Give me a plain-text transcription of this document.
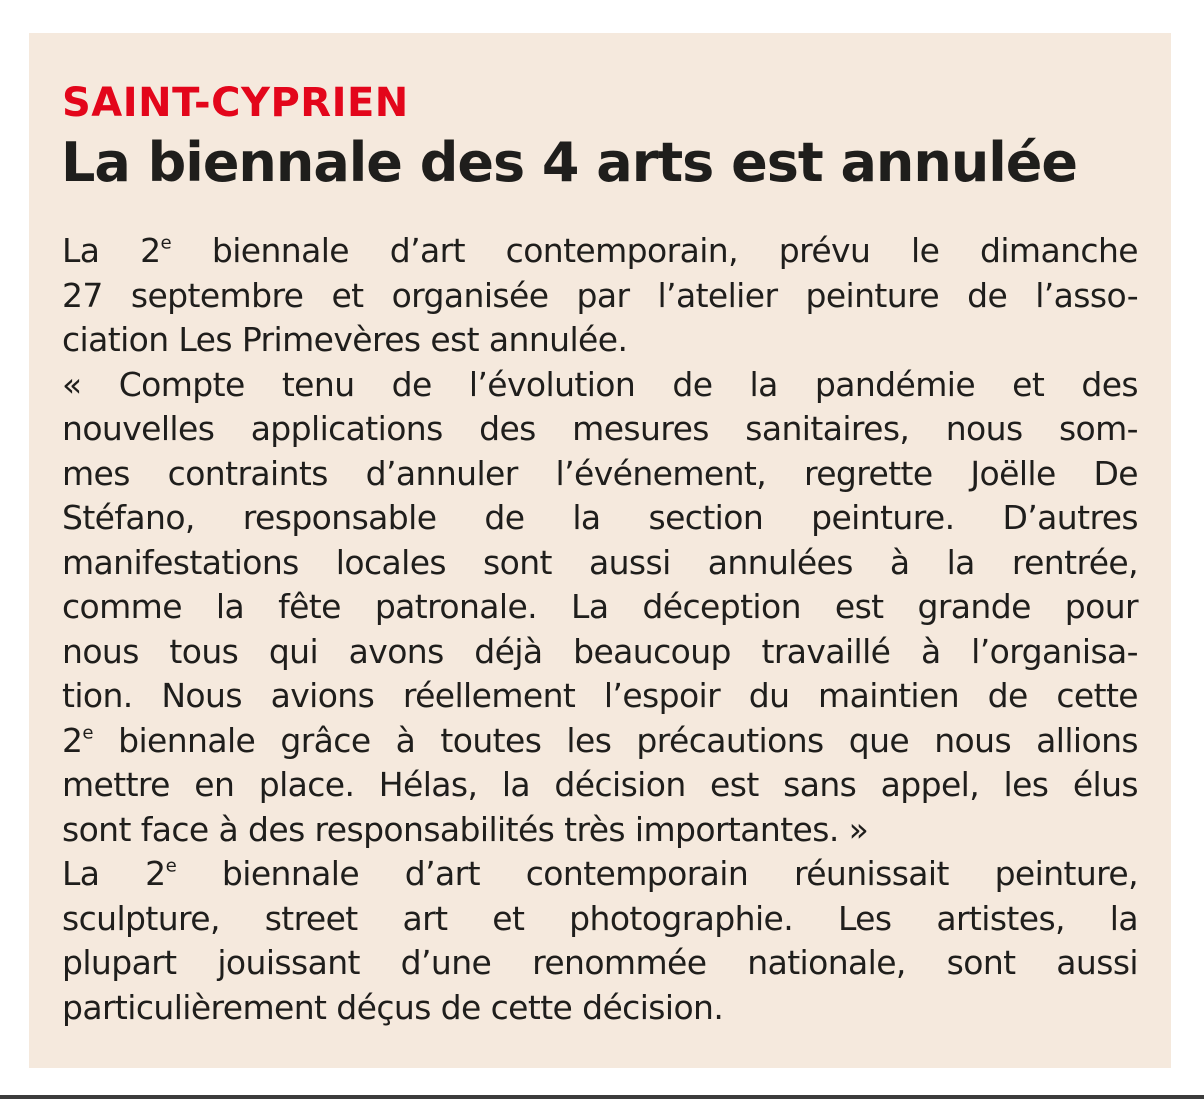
SAINT-CYPRIEN
La biennale des 4 arts est annulée
La 2e biennale d’art contemporain, prévu le dimanche
27 septembre et organisée par l’atelier peinture de l’asso-
ciation Les Primevères est annulée.
« Compte tenu de l’évolution de la pandémie et des
nouvelles applications des mesures sanitaires, nous som-
mes contraints d’annuler l’événement, regrette Joëlle De
Stéfano, responsable de la section peinture. D’autres
manifestations locales sont aussi annulées à la rentrée,
comme la fête patronale. La déception est grande pour
nous tous qui avons déjà beaucoup travaillé à l’organisa-
tion. Nous avions réellement l’espoir du maintien de cette
2e biennale grâce à toutes les précautions que nous allions
mettre en place. Hélas, la décision est sans appel, les élus
sont face à des responsabilités très importantes. »
La 2e biennale d’art contemporain réunissait peinture,
sculpture, street art et photographie. Les artistes, la
plupart jouissant d’une renommée nationale, sont aussi
particulièrement déçus de cette décision.
